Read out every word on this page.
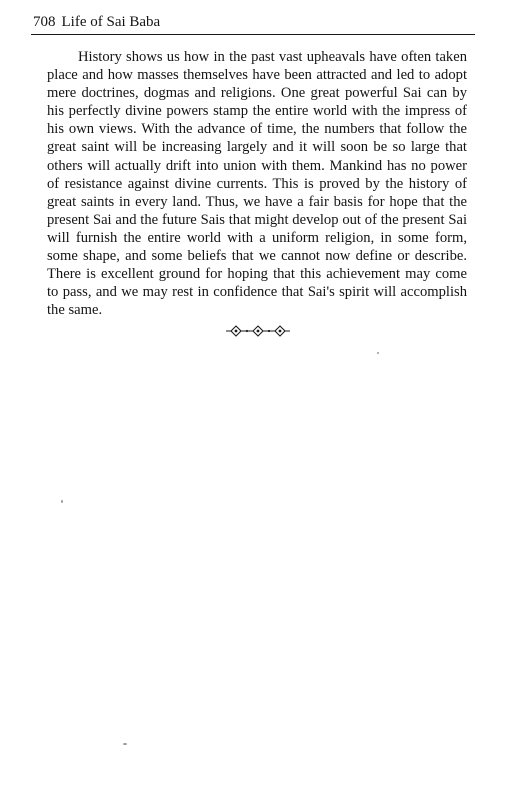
708 Life of Sai Baba

History shows us how in the past vast upheavals have often taken place and how masses themselves have been attracted and led to adopt mere doctrines, dogmas and religions. One great powerful Sai can by his perfectly divine powers stamp the entire world with the impress of his own views. With the advance of time, the numbers that follow the great saint will be increasing largely and it will soon be so large that others will actually drift into union with them. Mankind has no power of resistance against divine currents. This is proved by the history of great saints in every land. Thus, we have a fair basis for hope that the present Sai and the future Sais that might develop out of the present Sai will furnish the entire world with a uniform religion, in some form, some shape, and some beliefs that we cannot now define or describe. There is excellent ground for hoping that this achievement may come to pass, and we may rest in confidence that Sai's spirit will accomplish the same.
